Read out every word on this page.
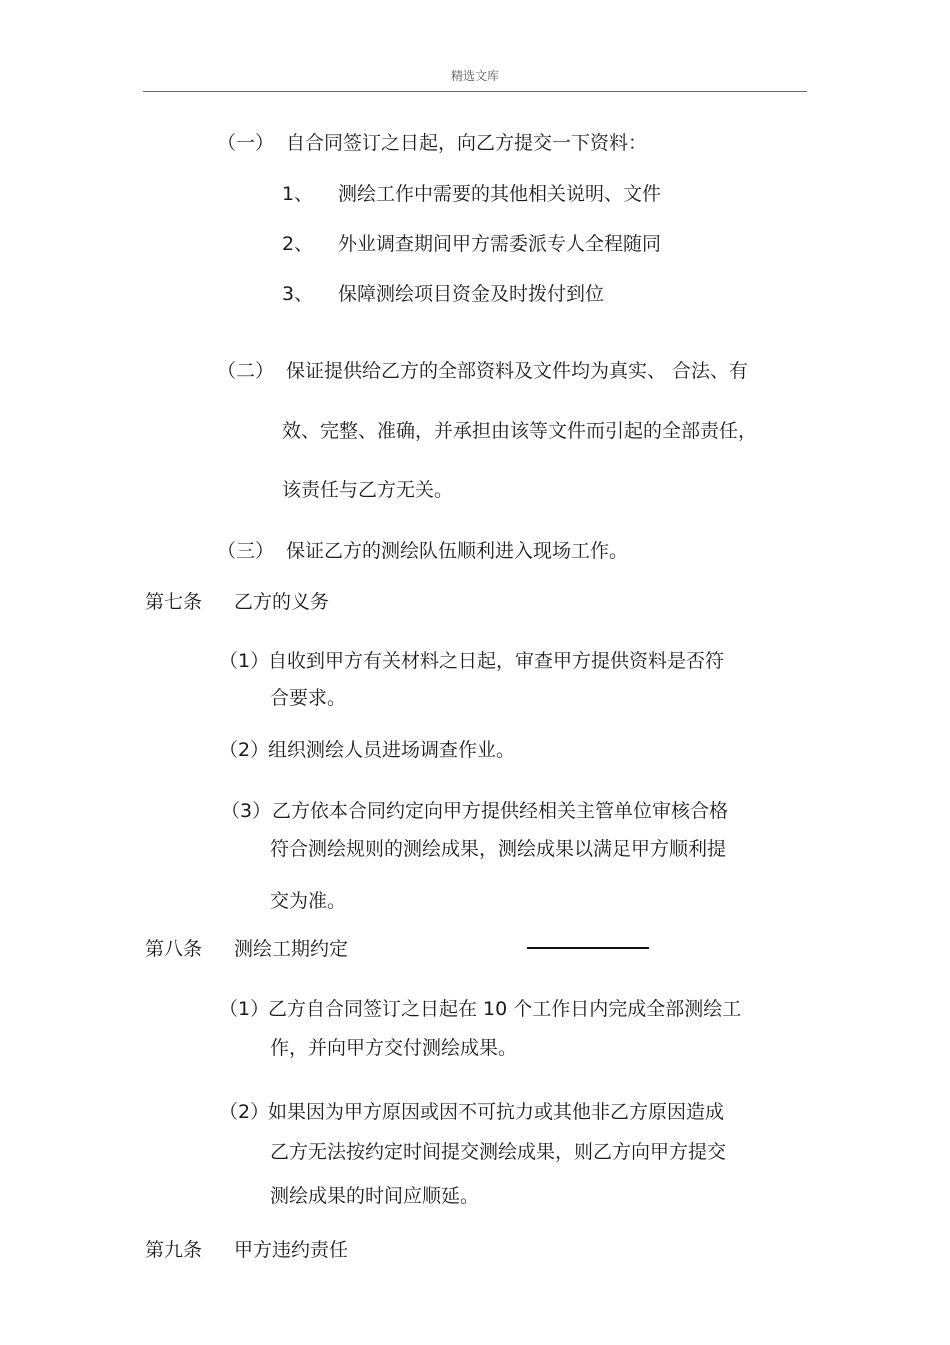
精选文库
（一） 自合同签订之日起，向乙方提交一下资料：
1、 测绘工作中需要的其他相关说明、文件
2、 外业调查期间甲方需委派专人全程随同
3、 保障测绘项目资金及时拨付到位
（二） 保证提供给乙方的全部资料及文件均为真实、 合法、有
效、完整、准确，并承担由该等文件而引起的全部责任，
该责任与乙方无关。
（三） 保证乙方的测绘队伍顺利进入现场工作。
第七条 乙方的义务
（1）
自收到甲方有关材料之日起，审查甲方提供资料是否符
合要求。
（2）
组织测绘人员进场调查作业。
（3） 乙方依本合同约定向甲方提供经相关主管单位审核合格
符合测绘规则的测绘成果，测绘成果以满足甲方顺利提
交为准。
第八条 测绘工期约定
（1）
乙方自合同签订之日起在 10 个工作日内完成全部测绘工
作，并向甲方交付测绘成果。
（2）
如果因为甲方原因或因不可抗力或其他非乙方原因造成
乙方无法按约定时间提交测绘成果，则乙方向甲方提交
测绘成果的时间应顺延。
第九条 甲方违约责任
